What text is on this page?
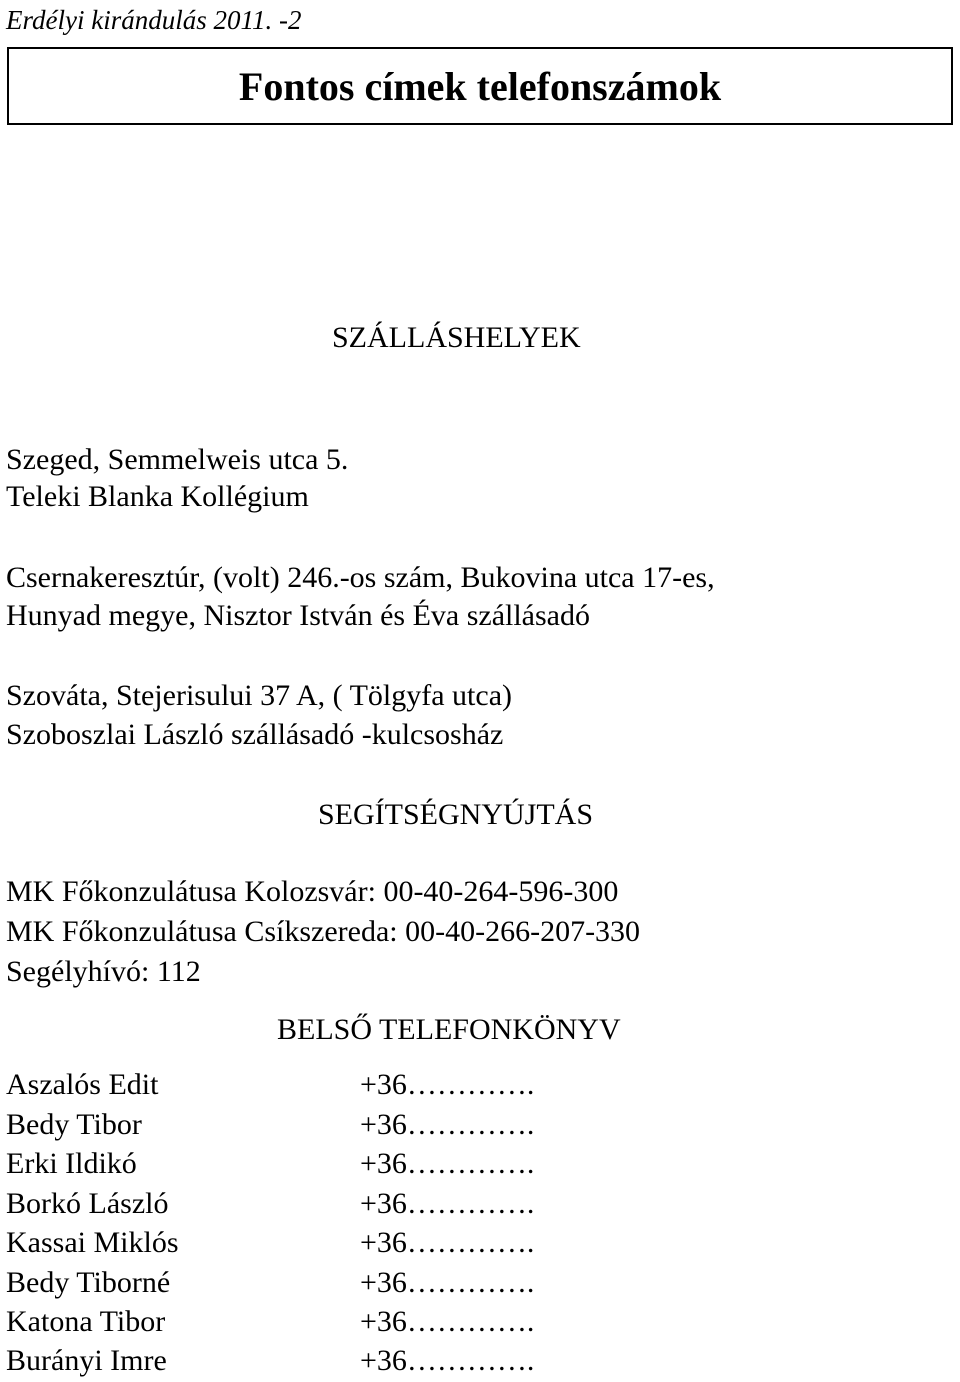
Erdélyi kirándulás 2011. -2
Fontos címek telefonszámok
SZÁLLÁSHELYEK
Szeged, Semmelweis utca 5.
Teleki Blanka Kollégium
Csernakeresztúr, (volt) 246.-os szám, Bukovina utca 17-es,
Hunyad megye, Nisztor István és Éva szállásadó
Szováta, Stejerisului 37 A, ( Tölgyfa utca)
Szoboszlai László szállásadó -kulcsosház
SEGÍTSÉGNYÚJTÁS
MK Főkonzulátusa Kolozsvár: 00-40-264-596-300
MK Főkonzulátusa Csíkszereda: 00-40-266-207-330
Segélyhívó: 112
BELSŐ TELEFONKÖNYV
Aszalós Edit	+36………….
Bedy Tibor	+36………….
Erki Ildikó	+36………….
Borkó László	+36………….
Kassai Miklós	+36………….
Bedy Tiborné	+36………….
Katona Tibor	+36………….
Burányi Imre	+36………….
